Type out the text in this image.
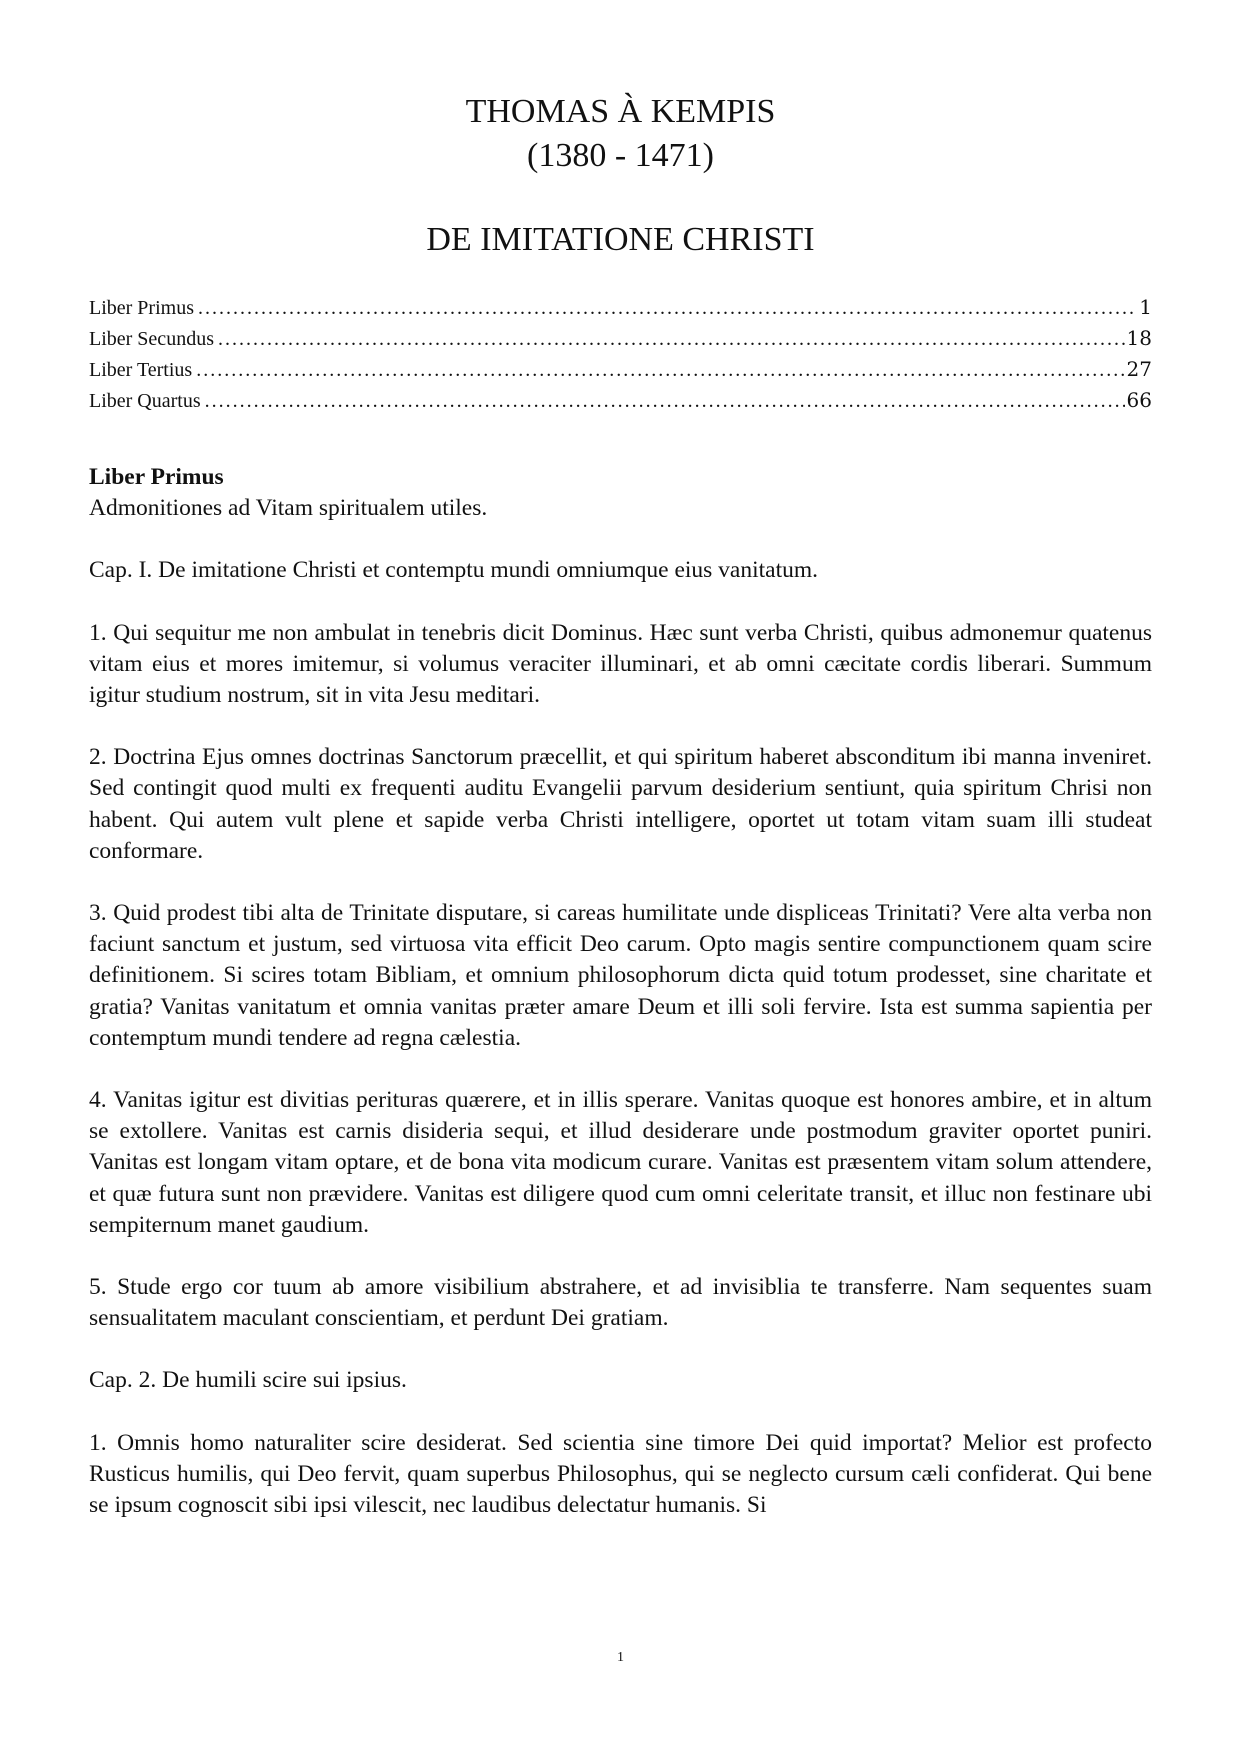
THOMAS À KEMPIS
(1380 - 1471)
DE IMITATIONE CHRISTI
Liber Primus . . .	1
Liber Secundus . . .	18
Liber Tertius . . .	27
Liber Quartus . . .	66

Liber Primus

Admonitiones ad Vitam spiritualem utiles.

Cap. I. De imitatione Christi et contemptu mundi omniumque eius vanitatum.

1. Qui sequitur me non ambulat in tenebris dicit Dominus. Hæc sunt verba Christi, quibus admonemur quatenus vitam eius et mores imitemur, si volumus veraciter illuminari, et ab omni cæcitate cordis liberari. Summum igitur studium nostrum, sit in vita Jesu meditari.

2. Doctrina Ejus omnes doctrinas Sanctorum præcellit, et qui spiritum haberet absconditum ibi manna inveniret. Sed contingit quod multi ex frequenti auditu Evangelii parvum desiderium sentiunt, quia spiritum Chrisi non habent. Qui autem vult plene et sapide verba Christi intelligere, oportet ut totam vitam suam illi studeat conformare.

3. Quid prodest tibi alta de Trinitate disputare, si careas humilitate unde displiceas Trinitati? Vere alta verba non faciunt sanctum et justum, sed virtuosa vita efficit Deo carum. Opto magis sentire compunctionem quam scire definitionem. Si scires totam Bibliam, et omnium philosophorum dicta quid totum prodesset, sine charitate et gratia? Vanitas vanitatum et omnia vanitas præter amare Deum et illi soli fervire. Ista est summa sapientia per contemptum mundi tendere ad regna cælestia.

4. Vanitas igitur est divitias perituras quærere, et in illis sperare. Vanitas quoque est honores ambire, et in altum se extollere. Vanitas est carnis disideria sequi, et illud desiderare unde postmodum graviter oportet puniri. Vanitas est longam vitam optare, et de bona vita modicum curare. Vanitas est præsentem vitam solum attendere, et quæ futura sunt non prævidere. Vanitas est diligere quod cum omni celeritate transit, et illuc non festinare ubi sempiternum manet gaudium.

5. Stude ergo cor tuum ab amore visibilium abstrahere, et ad invisiblia te transferre. Nam sequentes suam sensualitatem maculant conscientiam, et perdunt Dei gratiam.

Cap. 2. De humili scire sui ipsius.

1. Omnis homo naturaliter scire desiderat. Sed scientia sine timore Dei quid importat? Melior est profecto Rusticus humilis, qui Deo fervit, quam superbus Philosophus, qui se neglecto cursum cæli confiderat. Qui bene se ipsum cognoscit sibi ipsi vilescit, nec laudibus delectatur humanis. Si

1
